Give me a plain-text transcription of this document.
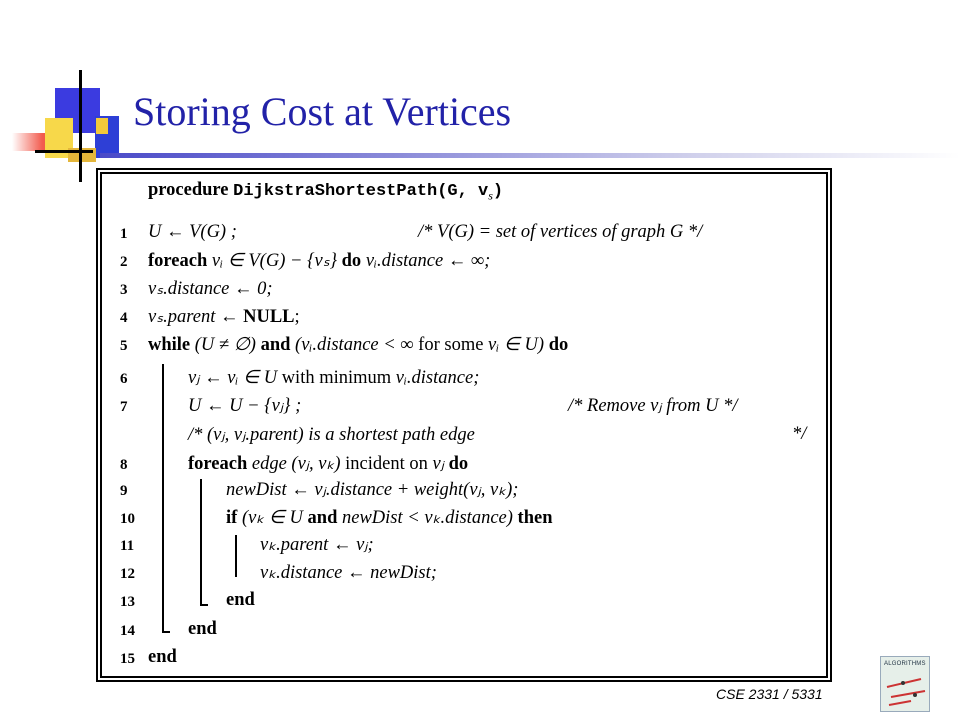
Storing Cost at Vertices
procedure DijkstraShortestPath(G, $v_s$)
1
2
3
4
5
6
7
8
9
10
11
12
13
14
15
U ← V(G) ;	/* V(G) = set of vertices of graph G */
foreach vᵢ ∈ V(G) − {vₛ} do vᵢ.distance ← ∞;
vₛ.distance ← 0;
vₛ.parent ← NULL;
while (U ≠ ∅) and (vᵢ.distance < ∞ for some vᵢ ∈ U) do
vⱼ ← vᵢ ∈ U with minimum vᵢ.distance;
U ← U − {vⱼ} ;	/* Remove vⱼ from U */
/* (vⱼ, vⱼ.parent) is a shortest path edge	*/
foreach edge (vⱼ, vₖ) incident on vⱼ do
newDist ← vⱼ.distance + weight(vⱼ, vₖ);
if (vₖ ∈ U and newDist < vₖ.distance) then
vₖ.parent ← vⱼ;
vₖ.distance ← newDist;
end
end
end
CSE 2331 / 5331
ALGORITHMS
